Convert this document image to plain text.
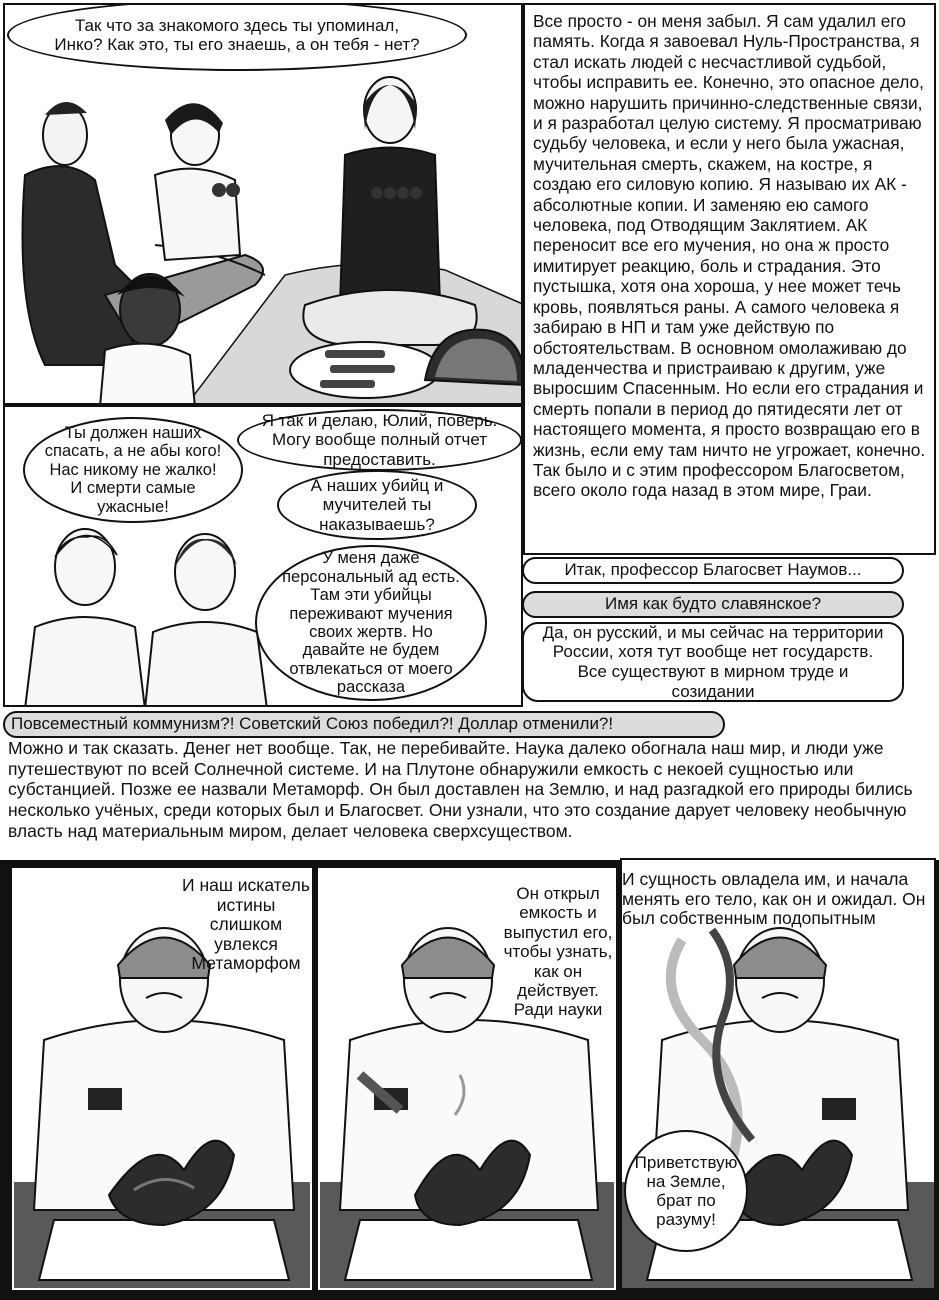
Так что за знакомого здесь ты упоминал, Инко? Как это, ты его знаешь, а он тебя - нет?
Все просто - он меня забыл. Я сам удалил его память. Когда я завоевал Нуль-Пространства, я стал искать людей с несчастливой судьбой, чтобы исправить ее. Конечно, это опасное дело, можно нарушить причинно-следственные связи, и я разработал целую систему. Я просматриваю судьбу человека, и если у него была ужасная, мучительная смерть, скажем, на костре, я создаю его силовую копию. Я называю их АК - абсолютные копии. И заменяю ею самого человека, под Отводящим Заклятием. АК переносит все его мучения, но она ж просто имитирует реакцию, боль и страдания. Это пустышка, хотя она хороша, у нее может течь кровь, появляться раны. А самого человека я забираю в НП и там уже действую по обстоятельствам. В основном омолаживаю до младенчества и пристраиваю к другим, уже выросшим Спасенным. Но если его страдания и смерть попали в период до пятидесяти лет от настоящего момента, я просто возвращаю его в жизнь, если ему там ничто не угрожает, конечно. Так было и с этим профессором Благосветом, всего около года назад в этом мире, Граи.
Ты должен наших спасать, а не абы кого! Нас никому не жалко! И смерти самые ужасные!
Я так и делаю, Юлий, поверь. Могу вообще полный отчет предоставить.
А наших убийц и мучителей ты наказываешь?
У меня даже персональный ад есть. Там эти убийцы переживают мучения своих жертв. Но давайте не будем отвлекаться от моего рассказа
Итак, профессор Благосвет Наумов...
Имя как будто славянское?
Да, он русский, и мы сейчас на территории России, хотя тут вообще нет государств. Все существуют в мирном труде и созидании
Повсеместный коммунизм?! Советский Союз победил?! Доллар отменили?!
Можно и так сказать. Денег нет вообще. Так, не перебивайте. Наука далеко обогнала наш мир, и люди уже путешествуют по всей Солнечной системе. И на Плутоне обнаружили емкость с некоей сущностью или субстанцией. Позже ее назвали Метаморф. Он был доставлен на Землю, и над разгадкой его природы бились несколько учёных, среди которых был и Благосвет. Они узнали, что это создание дарует человеку необычную власть над материальным миром, делает человека сверхсуществом.
И наш искатель истины слишком увлекся Метаморфом
Он открыл емкость и выпустил его, чтобы узнать, как он действует. Ради науки
И сущность овладела им, и начала менять его тело, как он и ожидал. Он был собственным подопытным
Приветствую на Земле, брат по разуму!
